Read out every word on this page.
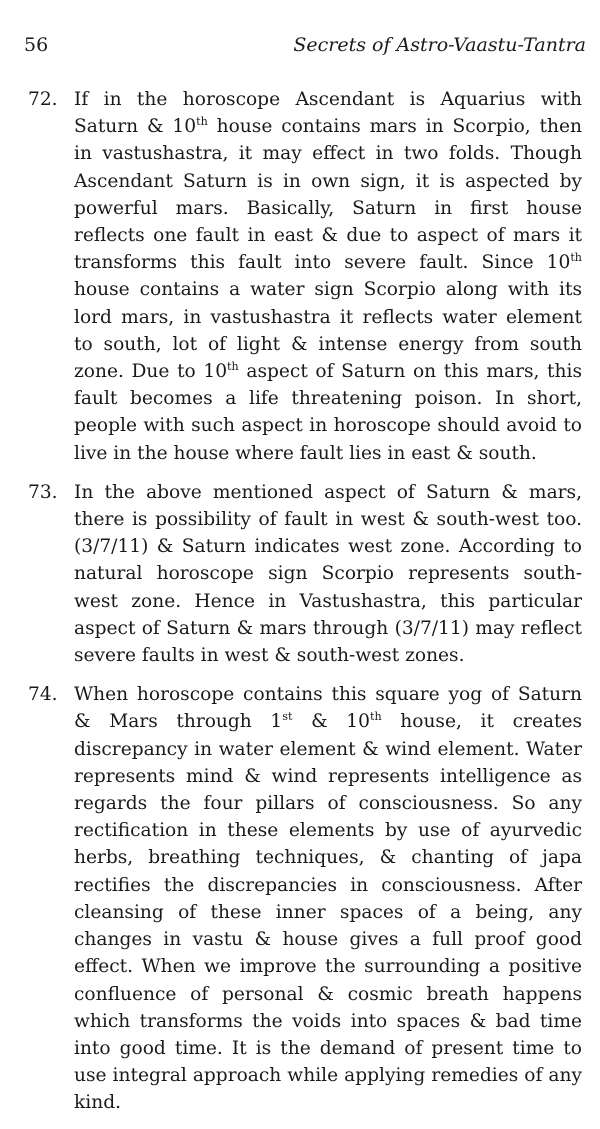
56	Secrets of Astro-Vaastu-Tantra
72. If in the horoscope Ascendant is Aquarius with Saturn & 10th house contains mars in Scorpio, then in vastushastra, it may effect in two folds. Though Ascendant Saturn is in own sign, it is aspected by powerful mars. Basically, Saturn in first house reflects one fault in east & due to aspect of mars it transforms this fault into severe fault. Since 10th house contains a water sign Scorpio along with its lord mars, in vastushastra it reflects water element to south, lot of light & intense energy from south zone. Due to 10th aspect of Saturn on this mars, this fault becomes a life threatening poison. In short, people with such aspect in horoscope should avoid to live in the house where fault lies in east & south.
73. In the above mentioned aspect of Saturn & mars, there is possibility of fault in west & south-west too. (3/7/11) & Saturn indicates west zone. According to natural horoscope sign Scorpio represents south-west zone. Hence in Vastushastra, this particular aspect of Saturn & mars through (3/7/11) may reflect severe faults in west & south-west zones.
74. When horoscope contains this square yog of Saturn & Mars through 1st & 10th house, it creates discrepancy in water element & wind element. Water represents mind & wind represents intelligence as regards the four pillars of consciousness. So any rectification in these elements by use of ayurvedic herbs, breathing techniques, & chanting of japa rectifies the discrepancies in consciousness. After cleansing of these inner spaces of a being, any changes in vastu & house gives a full proof good effect. When we improve the surrounding a positive confluence of personal & cosmic breath happens which transforms the voids into spaces & bad time into good time. It is the demand of present time to use integral approach while applying remedies of any kind.
